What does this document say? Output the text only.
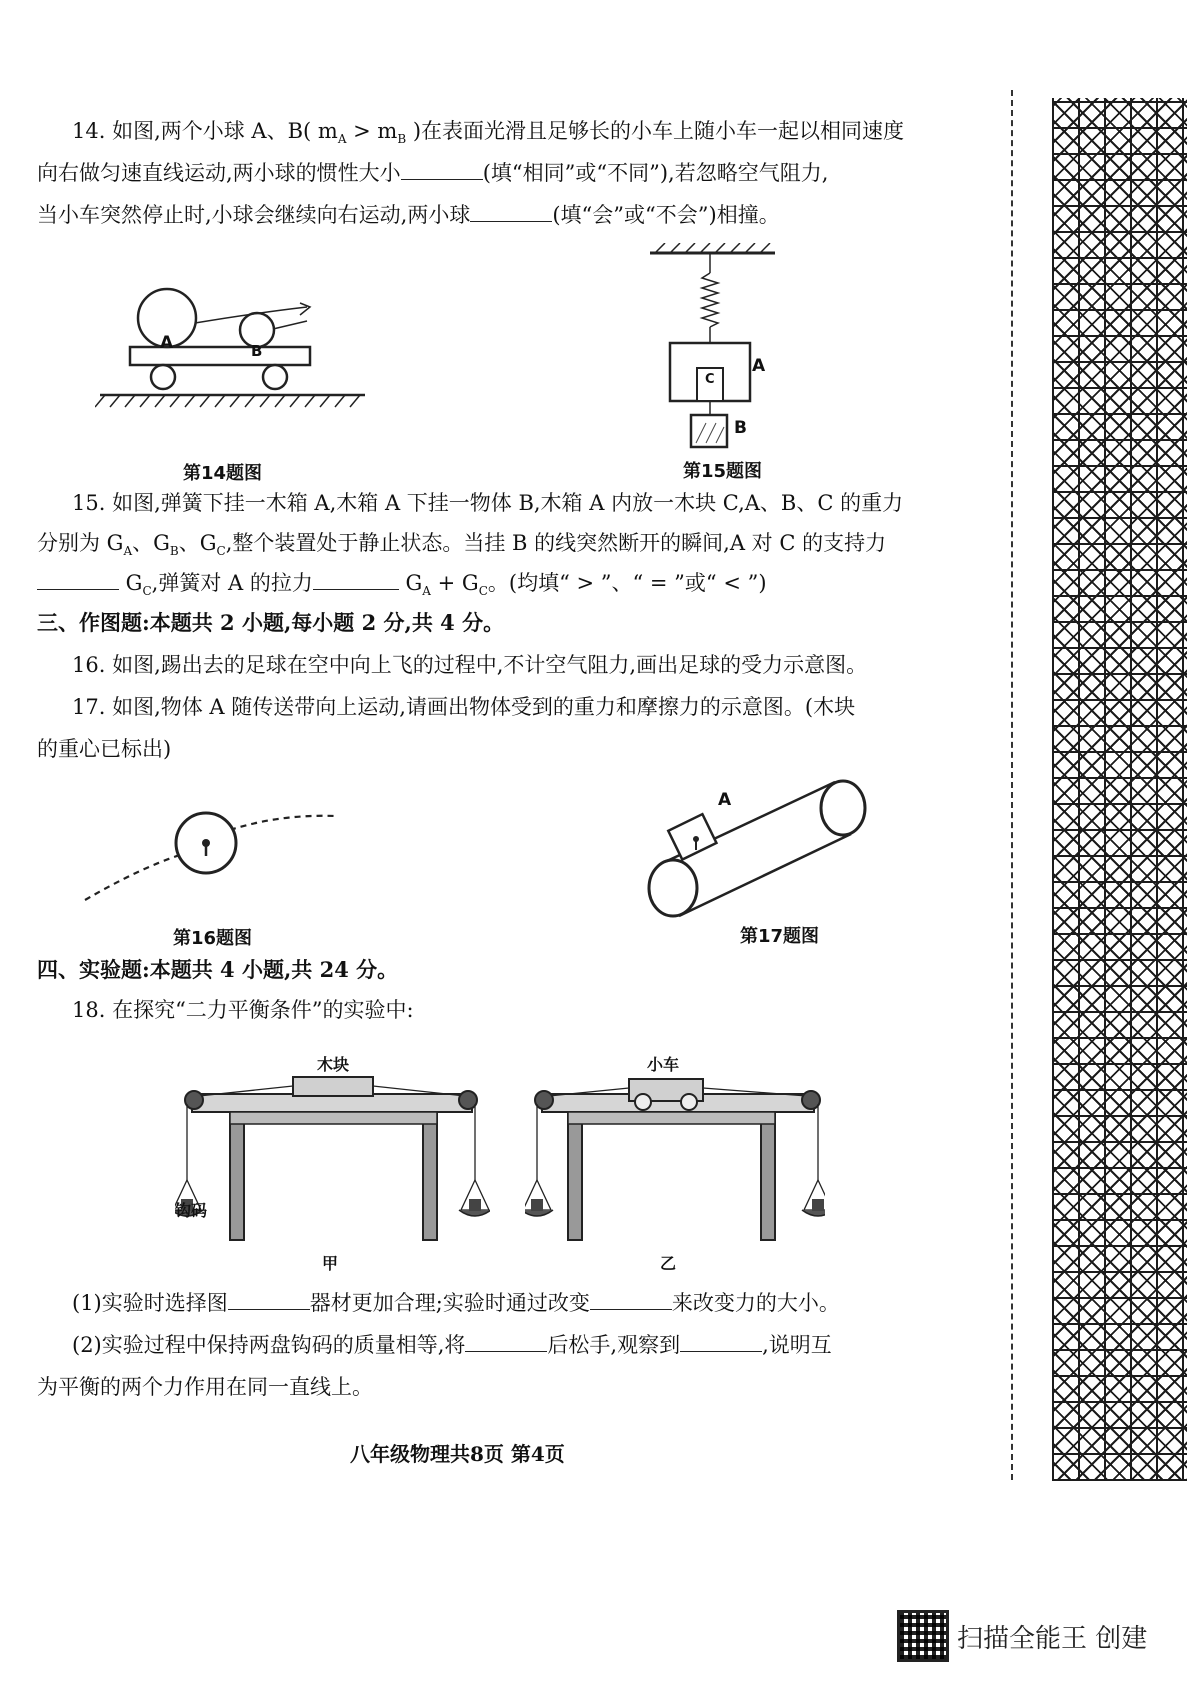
14. 如图,两个小球 A、B( $m_A > m_B$ )在表面光滑且足够长的小车上随小车一起以相同速度
向右做匀速直线运动,两小球的惯性大小	(填“相同”或“不同”),若忽略空气阻力,
当小车突然停止时,小球会继续向右运动,两小球	(填“会”或“不会”)相撞。
A	B
第14题图
A
B
C
第15题图
15. 如图,弹簧下挂一木箱 A,木箱 A 下挂一物体 B,木箱 A 内放一木块 C,A、B、C 的重力
分别为 $G_A$、$G_B$、$G_C$,整个装置处于静止状态。当挂 B 的线突然断开的瞬间,A 对 C 的支持力
$G_C$,弹簧对 A 的拉力	$G_A + G_C$。(均填“ > ”、“ = ”或“ < ”)
三、作图题:本题共 2 小题,每小题 2 分,共 4 分。
16. 如图,踢出去的足球在空中向上飞的过程中,不计空气阻力,画出足球的受力示意图。
17. 如图,物体 A 随传送带向上运动,请画出物体受到的重力和摩擦力的示意图。(木块
的重心已标出)
第16题图
A
第17题图
四、实验题:本题共 4 小题,共 24 分。
18. 在探究“二力平衡条件”的实验中:
木块
钩码
甲
小车
乙
(1)实验时选择图	器材更加合理;实验时通过改变	来改变力的大小。
(2)实验过程中保持两盘钩码的质量相等,将	后松手,观察到	,说明互
为平衡的两个力作用在同一直线上。
八年级物理共8页 第4页
扫描全能王 创建
